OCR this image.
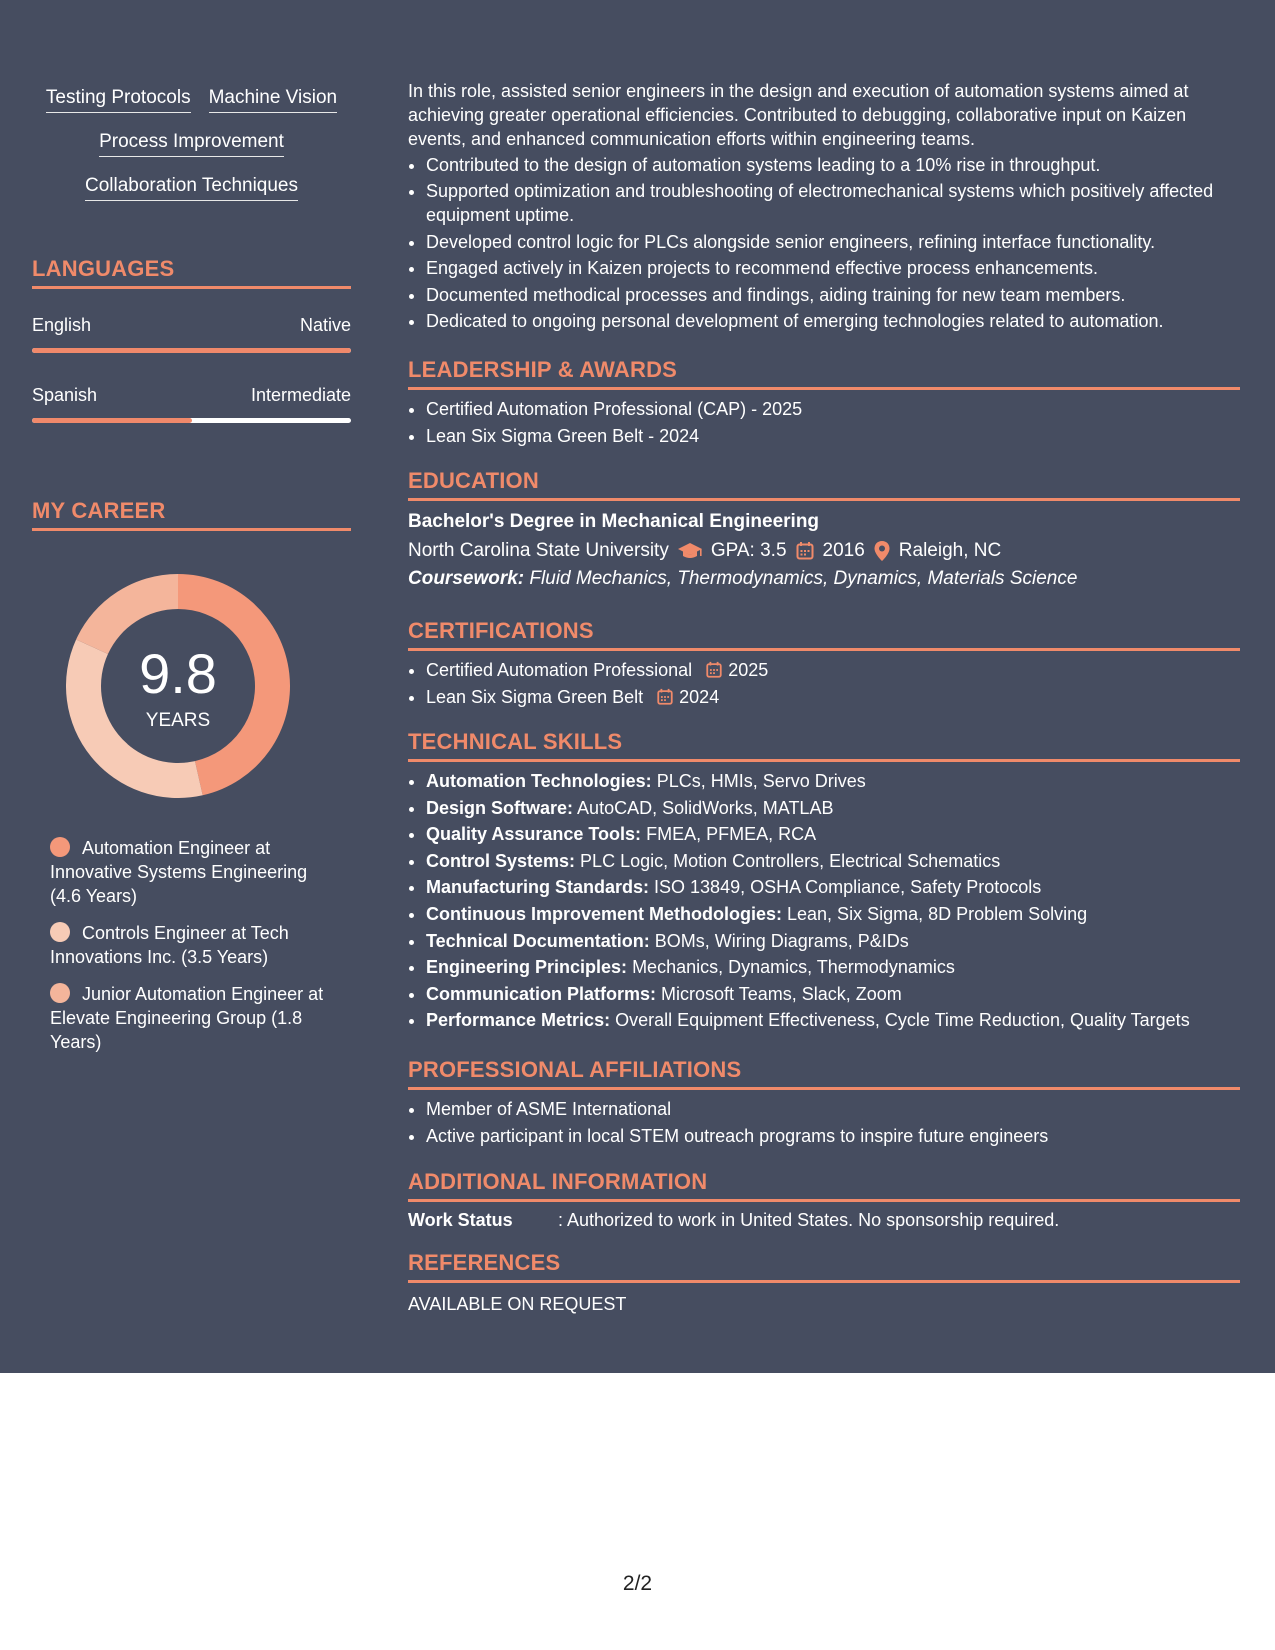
Testing Protocols Machine Vision
Process Improvement
Collaboration Techniques
LANGUAGES
English	Native
Spanish	Intermediate
MY CAREER
9.8
YEARS
Automation Engineer at Innovative Systems Engineering (4.6 Years)
Controls Engineer at Tech Innovations Inc. (3.5 Years)
Junior Automation Engineer at Elevate Engineering Group (1.8 Years)
In this role, assisted senior engineers in the design and execution of automation systems aimed at achieving greater operational efficiencies. Contributed to debugging, collaborative input on Kaizen events, and enhanced communication efforts within engineering teams.
• Contributed to the design of automation systems leading to a 10% rise in throughput.
• Supported optimization and troubleshooting of electromechanical systems which positively affected equipment uptime.
• Developed control logic for PLCs alongside senior engineers, refining interface functionality.
• Engaged actively in Kaizen projects to recommend effective process enhancements.
• Documented methodical processes and findings, aiding training for new team members.
• Dedicated to ongoing personal development of emerging technologies related to automation.
LEADERSHIP & AWARDS
• Certified Automation Professional (CAP) - 2025
• Lean Six Sigma Green Belt - 2024
EDUCATION
Bachelor's Degree in Mechanical Engineering
North Carolina State University GPA: 3.5 2016 Raleigh, NC
Coursework: Fluid Mechanics, Thermodynamics, Dynamics, Materials Science
CERTIFICATIONS
• Certified Automation Professional 2025
• Lean Six Sigma Green Belt 2024
TECHNICAL SKILLS
• Automation Technologies: PLCs, HMIs, Servo Drives
• Design Software: AutoCAD, SolidWorks, MATLAB
• Quality Assurance Tools: FMEA, PFMEA, RCA
• Control Systems: PLC Logic, Motion Controllers, Electrical Schematics
• Manufacturing Standards: ISO 13849, OSHA Compliance, Safety Protocols
• Continuous Improvement Methodologies: Lean, Six Sigma, 8D Problem Solving
• Technical Documentation: BOMs, Wiring Diagrams, P&IDs
• Engineering Principles: Mechanics, Dynamics, Thermodynamics
• Communication Platforms: Microsoft Teams, Slack, Zoom
• Performance Metrics: Overall Equipment Effectiveness, Cycle Time Reduction, Quality Targets
PROFESSIONAL AFFILIATIONS
• Member of ASME International
• Active participant in local STEM outreach programs to inspire future engineers
ADDITIONAL INFORMATION
Work Status	: Authorized to work in United States. No sponsorship required.
REFERENCES
AVAILABLE ON REQUEST
2/2
